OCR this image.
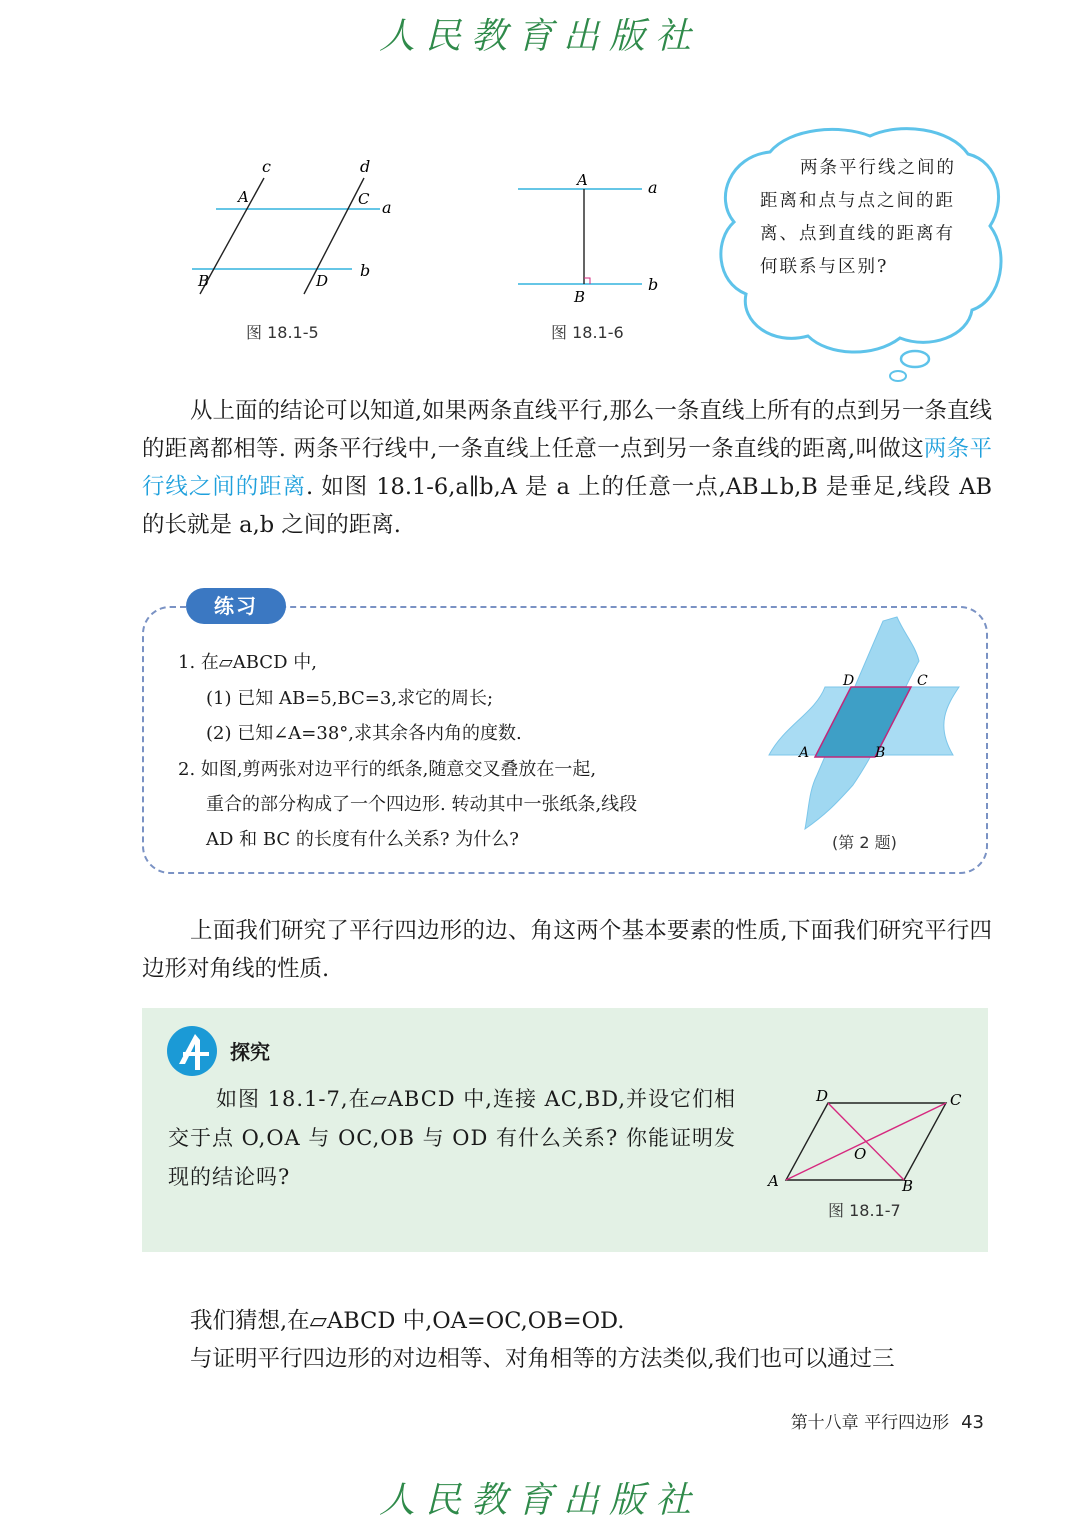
人民教育出版社
c	d
A	C a
B	D
b
图 18.1-5
A	a
B
b
图 18.1-6

两条平行线之间的距离和点与点之间的距离、点到直线的距离有何联系与区别?

从上面的结论可以知道,如果两条直线平行,那么一条直线上所有的点到另一条直线的距离都相等. 两条平行线中,一条直线上任意一点到另一条直线的距离,叫做这两条平行线之间的距离. 如图 18.1-6,a∥b,A 是 a 上的任意一点,AB⊥b,B 是垂足,线段 AB 的长就是 a,b 之间的距离.

练习
1. 在▱ABCD 中,
(1) 已知 AB=5,BC=3,求它的周长;
(2) 已知∠A=38°,求其余各内角的度数.
2. 如图,剪两张对边平行的纸条,随意交叉叠放在一起,
重合的部分构成了一个四边形. 转动其中一张纸条,线段
AD 和 BC 的长度有什么关系? 为什么?
D	C
A	B
(第 2 题)

上面我们研究了平行四边形的边、角这两个基本要素的性质,下面我们研究平行四边形对角线的性质.

探究

如图 18.1-7,在▱ABCD 中,连接 AC,BD,并设它们相交于点 O,OA 与 OC,OB 与 OD 有什么关系? 你能证明发现的结论吗?

D	C
O
A	B
图 18.1-7
我们猜想,在▱ABCD 中,OA=OC,OB=OD.
与证明平行四边形的对边相等、对角相等的方法类似,我们也可以通过三
第十八章 平行四边形 43
人民教育出版社
